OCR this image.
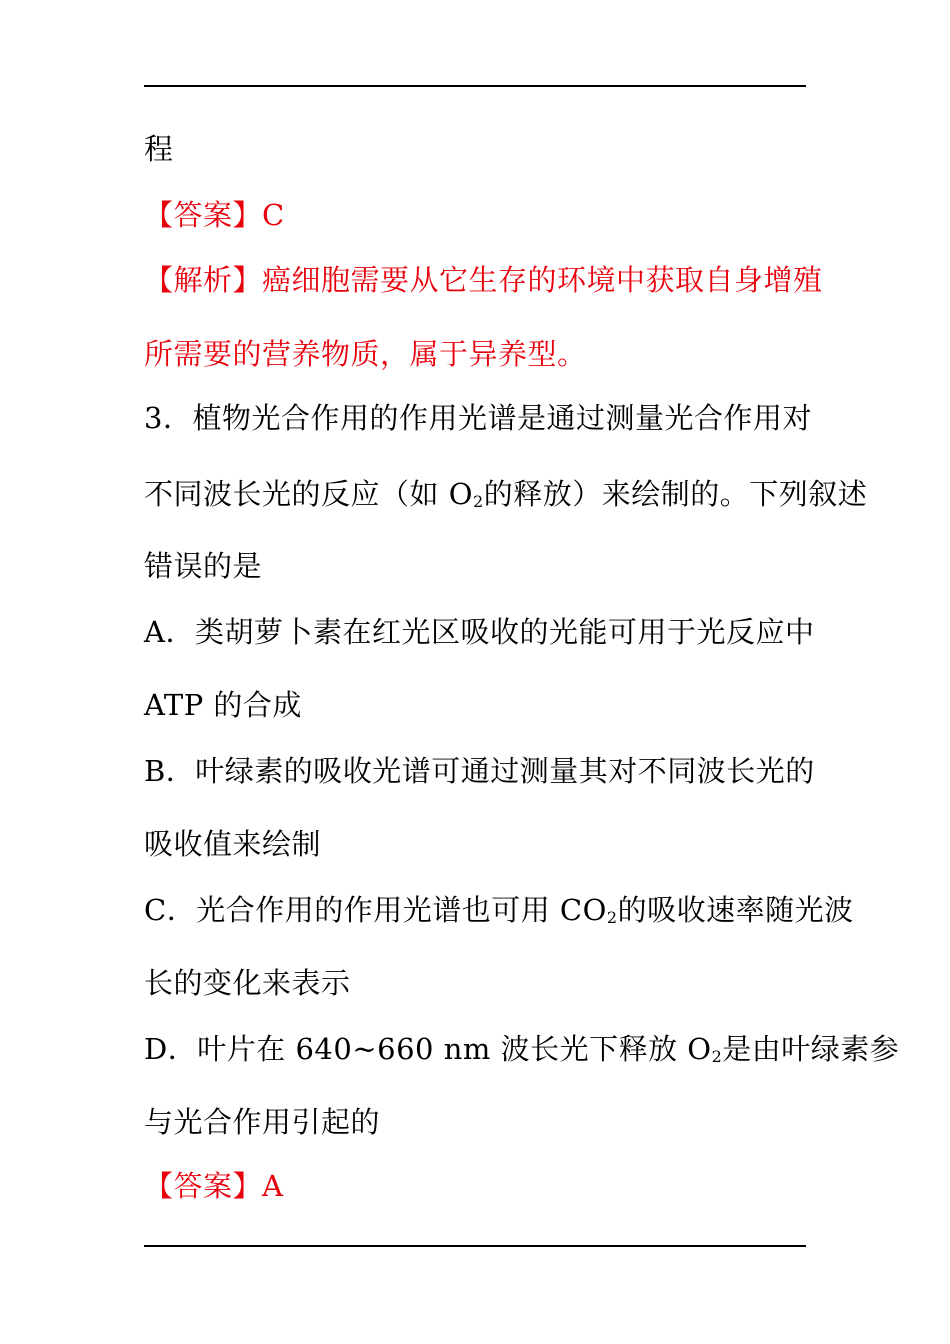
程
【答案】C
【解析】癌细胞需要从它生存的环境中获取自身增殖
所需要的营养物质，属于异养型。
3．植物光合作用的作用光谱是通过测量光合作用对
不同波长光的反应（如 $O_2$的释放）来绘制的。下列叙述
错误的是
A．类胡萝卜素在红光区吸收的光能可用于光反应中
ATP 的合成
B．叶绿素的吸收光谱可通过测量其对不同波长光的
吸收值来绘制
C．光合作用的作用光谱也可用 $CO_2$的吸收速率随光波
长的变化来表示
D．叶片在 640~660 nm 波长光下释放 $O_2$是由叶绿素参
与光合作用引起的
【答案】A
